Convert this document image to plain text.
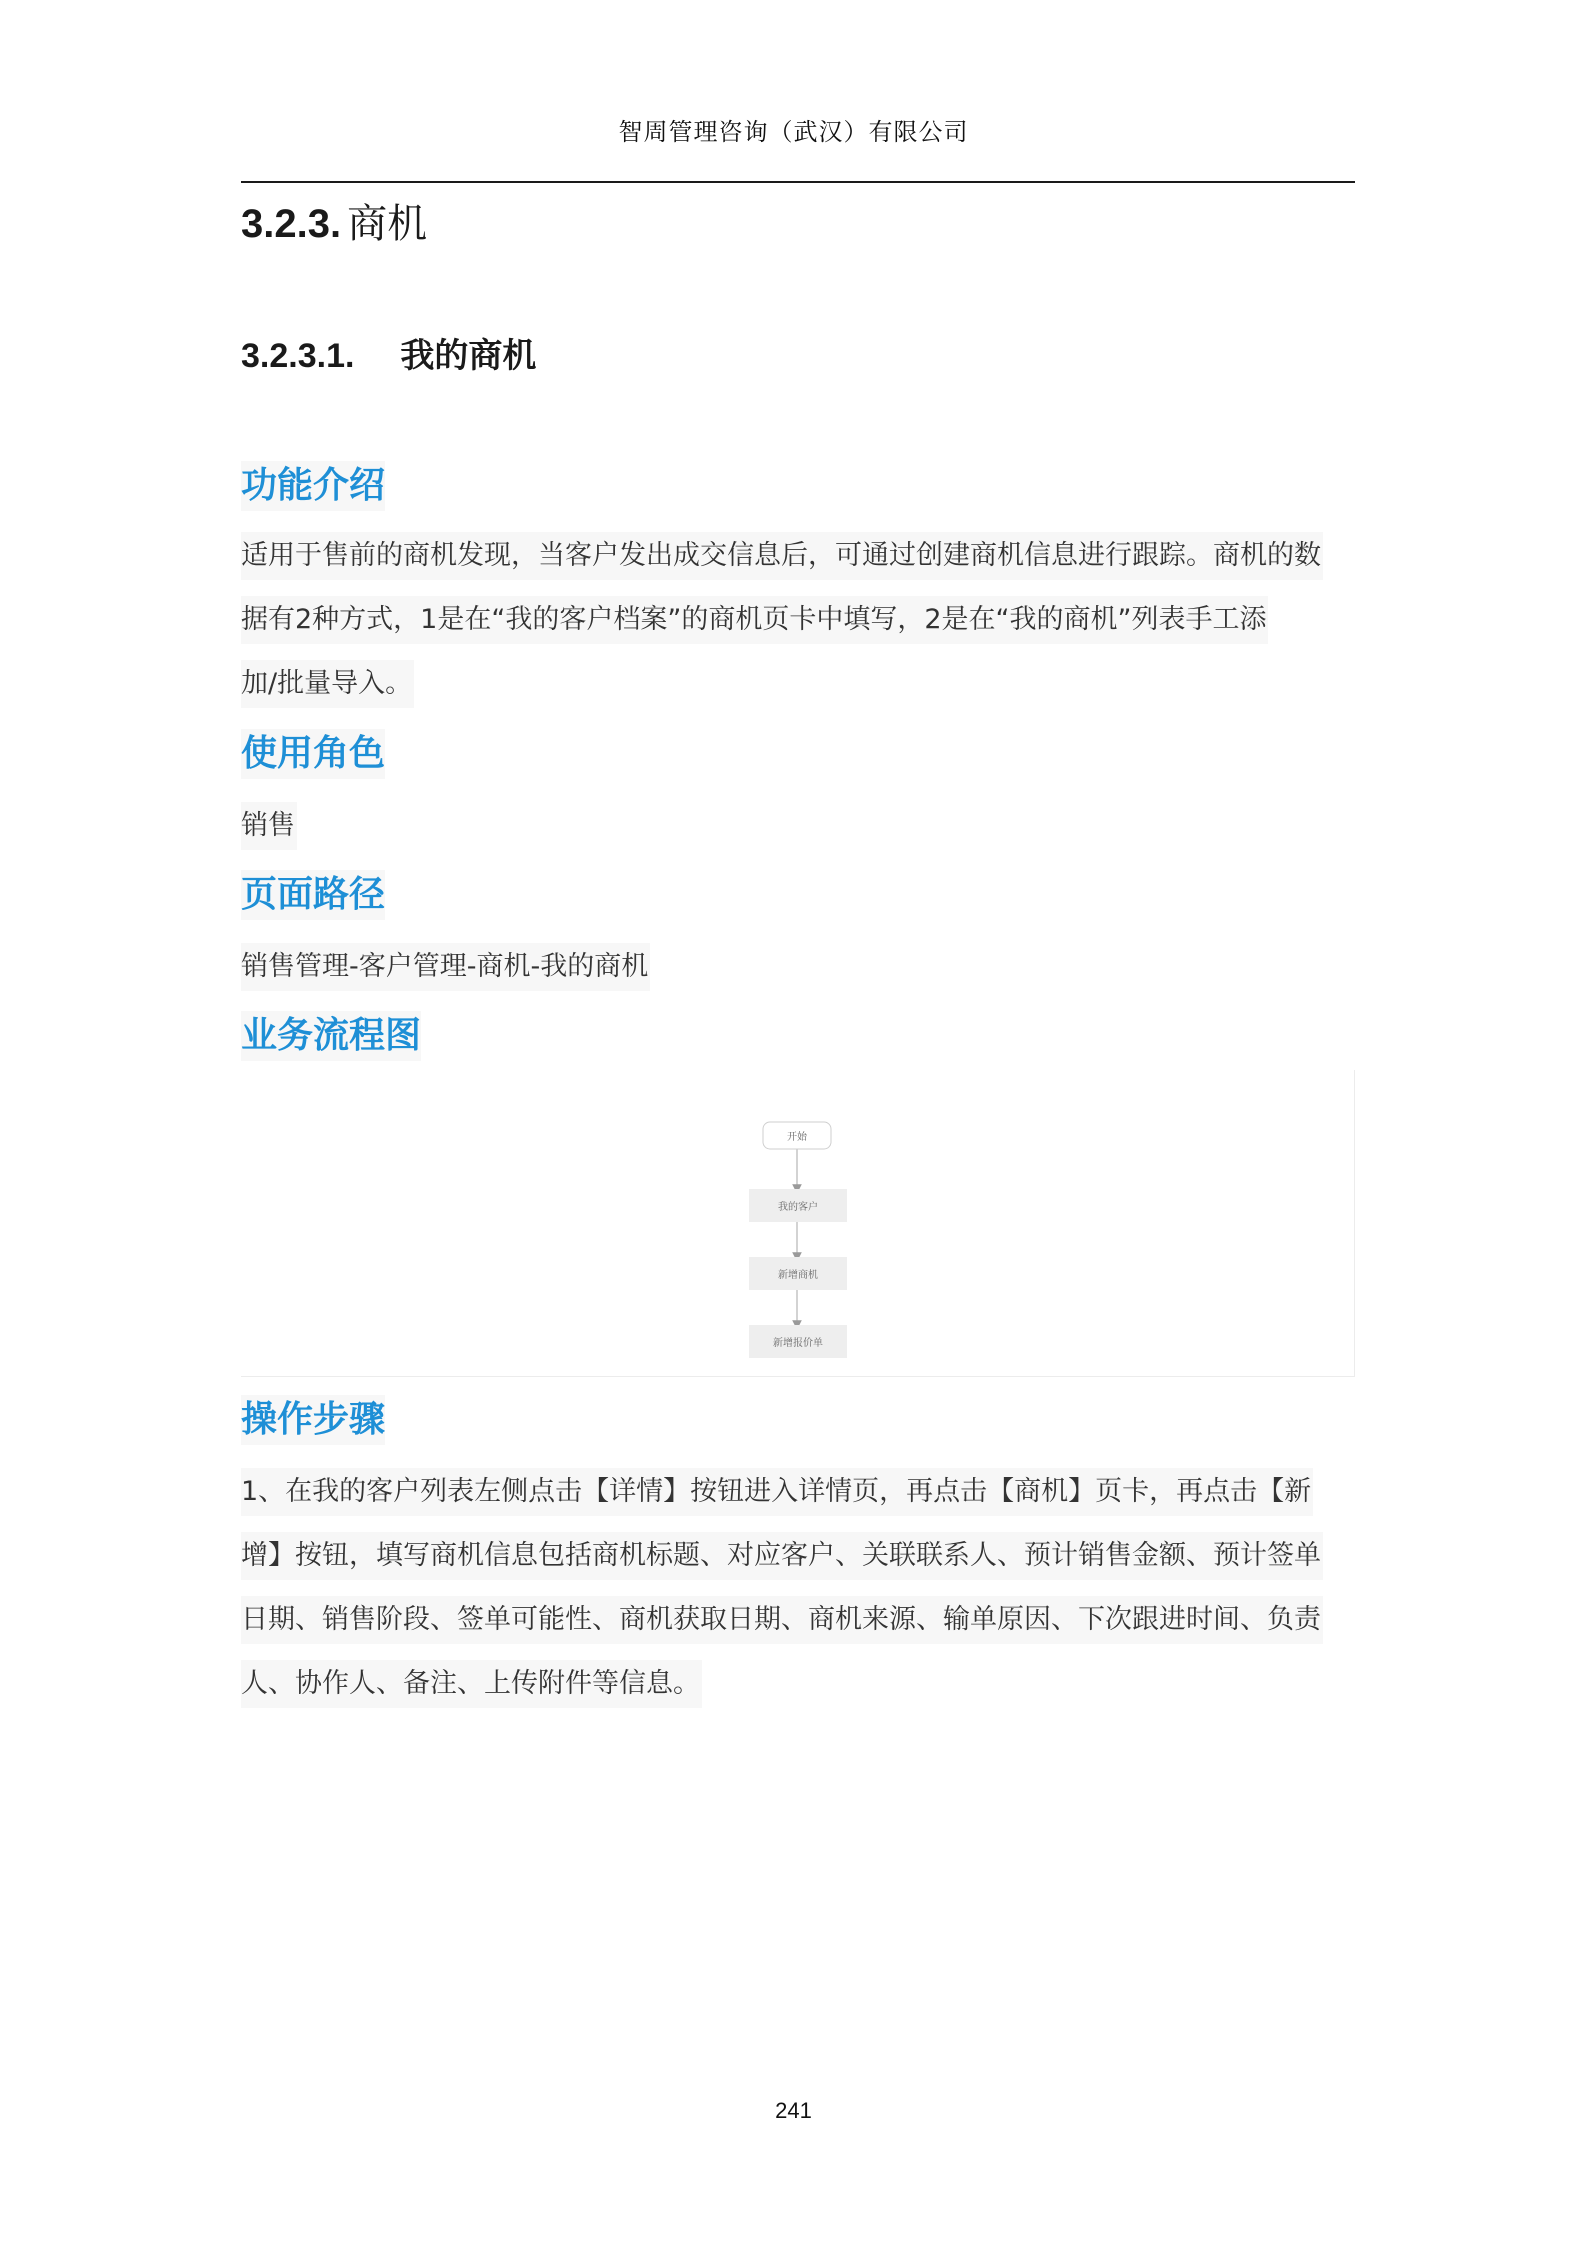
智周管理咨询（武汉）有限公司
3.2.3. 商机
3.2.3.1. 我的商机
功能介绍
适用于售前的商机发现，当客户发出成交信息后，可通过创建商机信息进行跟踪。商机的数
据有2种方式，1是在“我的客户档案”的商机页卡中填写，2是在“我的商机”列表手工添
加/批量导入。
使用角色
销售
页面路径
销售管理-客户管理-商机-我的商机
业务流程图
开始
我的客户
新增商机
新增报价单
操作步骤
1、在我的客户列表左侧点击【详情】按钮进入详情页，再点击【商机】页卡，再点击【新
增】按钮，填写商机信息包括商机标题、对应客户、关联联系人、预计销售金额、预计签单
日期、销售阶段、签单可能性、商机获取日期、商机来源、输单原因、下次跟进时间、负责
人、协作人、备注、上传附件等信息。
241
